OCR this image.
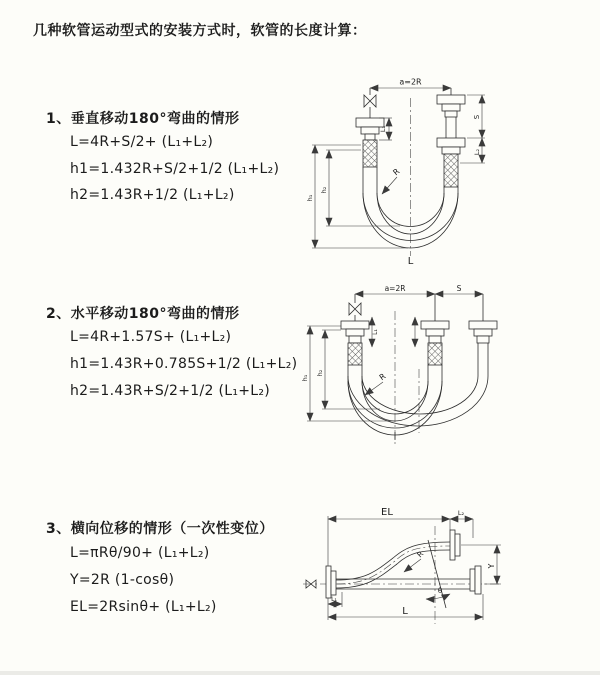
几种软管运动型式的安装方式时，软管的长度计算：
1、垂直移动180°弯曲的情形
L=4R+S/2+ (L₁+L₂)
h1=1.432R+S/2+1/2 (L₁+L₂)
h2=1.43R+1/2 (L₁+L₂)
2、水平移动180°弯曲的情形
L=4R+1.57S+ (L₁+L₂)
h1=1.43R+0.785S+1/2 (L₁+L₂)
h2=1.43R+S/2+1/2 (L₁+L₂)
3、横向位移的情形（一次性变位）
L=πRθ/90+ (L₁+L₂)
Y=2R (1-cosθ)
EL=2Rsinθ+ (L₁+L₂)
a=2R
L₁
S
L₂
h₁
h₂
R
L
a=2R	S
L₁
h₁
h₂	R
EL	L₂
Y
θ
L
L₁
R
